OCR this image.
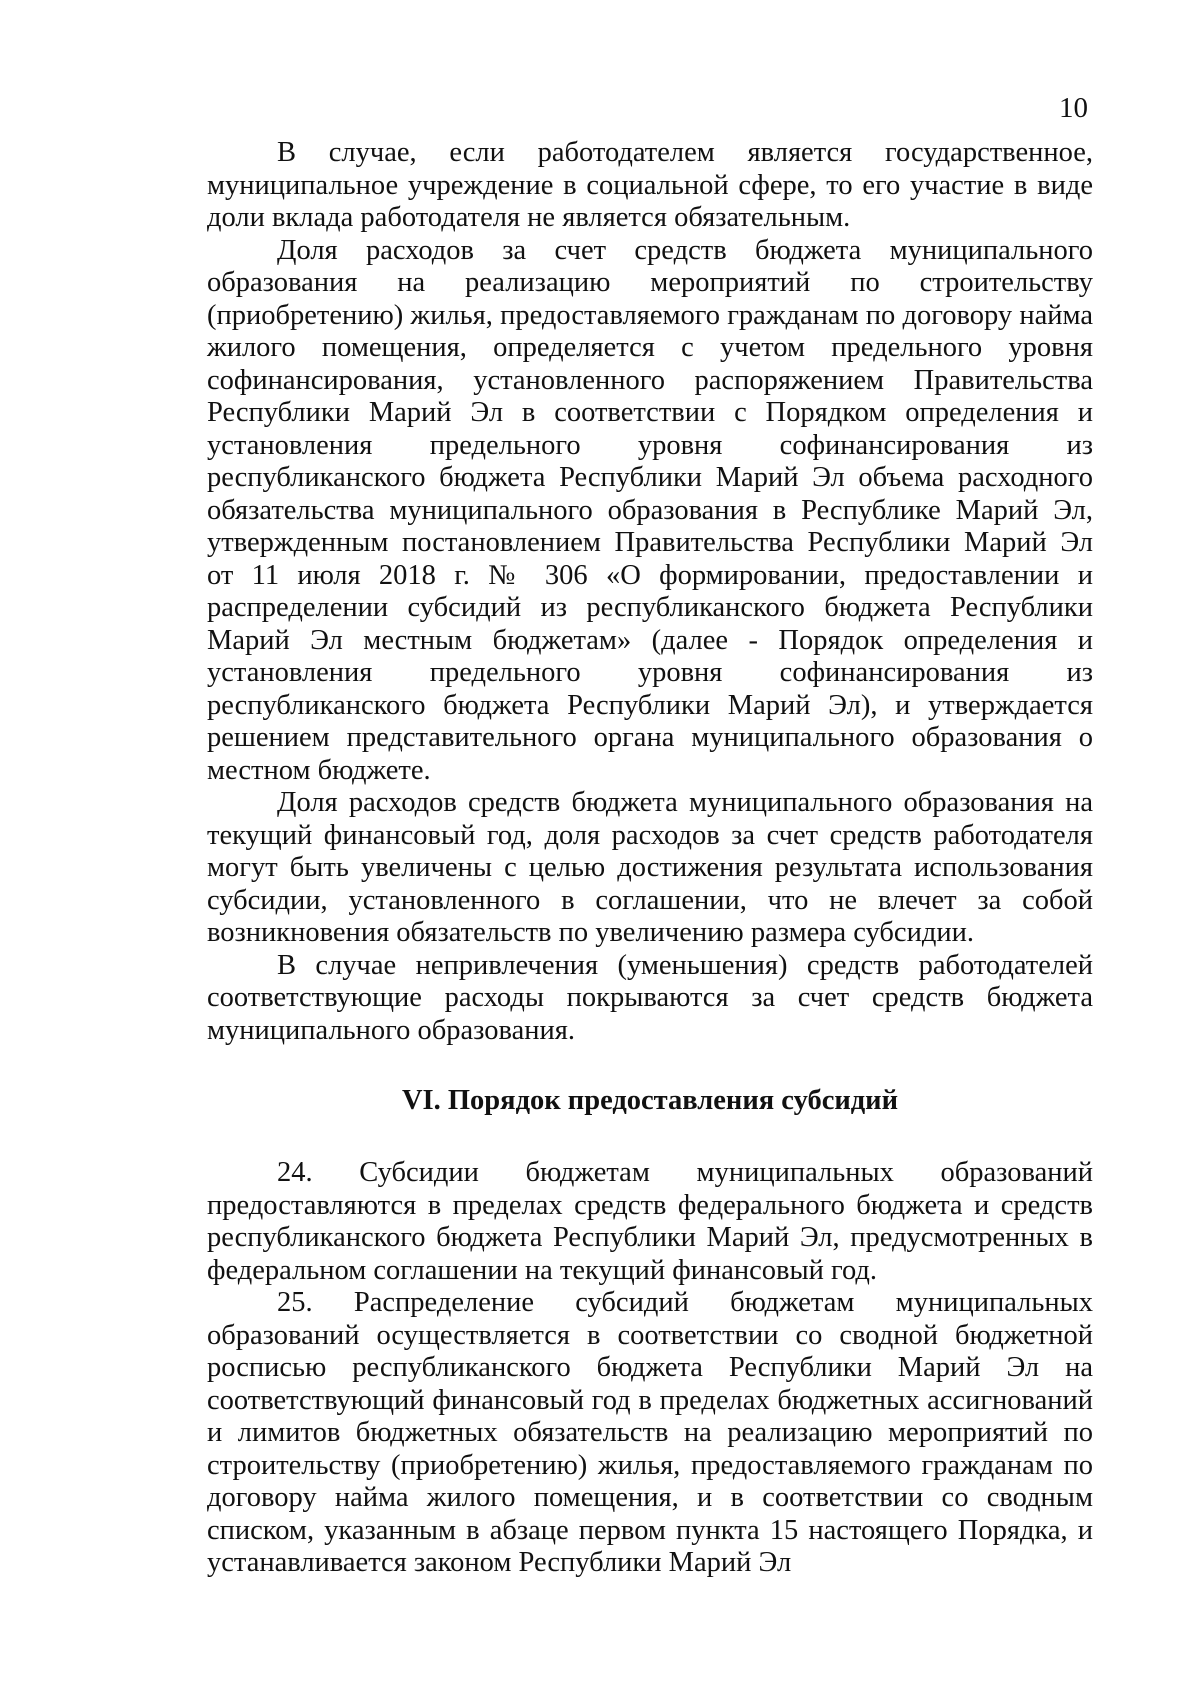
10

В случае, если работодателем является государственное, муниципальное учреждение в социальной сфере, то его участие в виде доли вклада работодателя не является обязательным.

Доля расходов за счет средств бюджета муниципального образования на реализацию мероприятий по строительству (приобретению) жилья, предоставляемого гражданам по договору найма жилого помещения, определяется с учетом предельного уровня софинансирования, установленного распоряжением Правительства Республики Марий Эл в соответствии с Порядком определения и установления предельного уровня софинансирования из республиканского бюджета Республики Марий Эл объема расходного обязательства муниципального образования в Республике Марий Эл, утвержденным постановлением Правительства Республики Марий Эл от 11 июля 2018 г. № 306 «О формировании, предоставлении и распределении субсидий из республиканского бюджета Республики Марий Эл местным бюджетам» (далее - Порядок определения и установления предельного уровня софинансирования из республиканского бюджета Республики Марий Эл), и утверждается решением представительного органа муниципального образования о местном бюджете.

Доля расходов средств бюджета муниципального образования на текущий финансовый год, доля расходов за счет средств работодателя могут быть увеличены с целью достижения результата использования субсидии, установленного в соглашении, что не влечет за собой возникновения обязательств по увеличению размера субсидии.

В случае непривлечения (уменьшения) средств работодателей соответствующие расходы покрываются за счет средств бюджета муниципального образования.

VI. Порядок предоставления субсидий

24. Субсидии бюджетам муниципальных образований предоставляются в пределах средств федерального бюджета и средств республиканского бюджета Республики Марий Эл, предусмотренных в федеральном соглашении на текущий финансовый год.

25. Распределение субсидий бюджетам муниципальных образований осуществляется в соответствии со сводной бюджетной росписью республиканского бюджета Республики Марий Эл на соответствующий финансовый год в пределах бюджетных ассигнований и лимитов бюджетных обязательств на реализацию мероприятий по строительству (приобретению) жилья, предоставляемого гражданам по договору найма жилого помещения, и в соответствии со сводным списком, указанным в абзаце первом пункта 15 настоящего Порядка, и устанавливается законом Республики Марий Эл
